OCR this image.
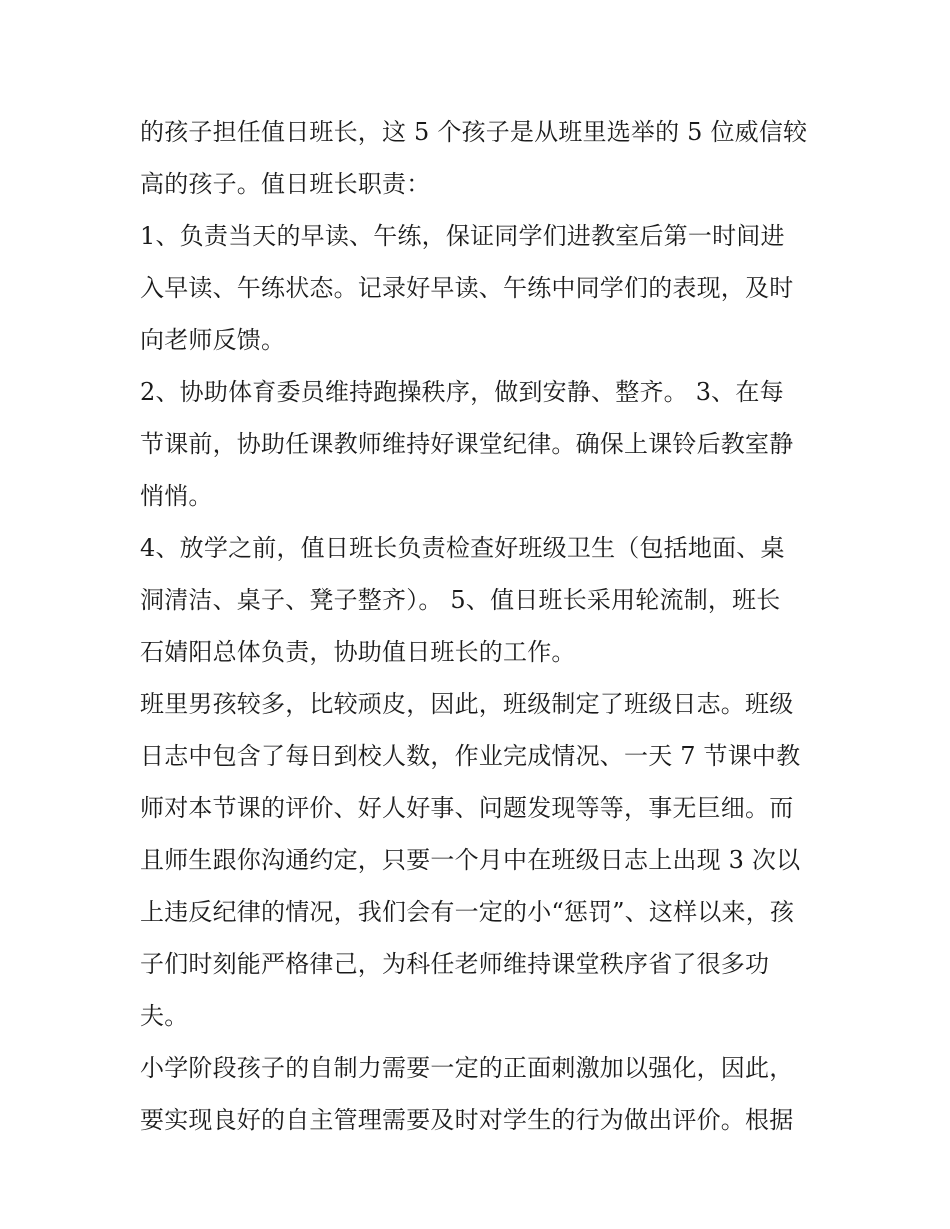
的孩子担任值日班长，这 5 个孩子是从班里选举的 5 位威信较
高的孩子。值日班长职责：
1、负责当天的早读、午练，保证同学们进教室后第一时间进
入早读、午练状态。记录好早读、午练中同学们的表现，及时
向老师反馈。
2、协助体育委员维持跑操秩序，做到安静、整齐。 3、在每
节课前，协助任课教师维持好课堂纪律。确保上课铃后教室静
悄悄。
4、放学之前，值日班长负责检查好班级卫生（包括地面、桌
洞清洁、桌子、凳子整齐）。 5、值日班长采用轮流制，班长
石婧阳总体负责，协助值日班长的工作。
班里男孩较多，比较顽皮，因此，班级制定了班级日志。班级
日志中包含了每日到校人数，作业完成情况、一天 7 节课中教
师对本节课的评价、好人好事、问题发现等等，事无巨细。而
且师生跟你沟通约定，只要一个月中在班级日志上出现 3 次以
上违反纪律的情况，我们会有一定的小“惩罚”、这样以来，孩
子们时刻能严格律己，为科任老师维持课堂秩序省了很多功
夫。
小学阶段孩子的自制力需要一定的正面刺激加以强化，因此，
要实现良好的自主管理需要及时对学生的行为做出评价。根据
